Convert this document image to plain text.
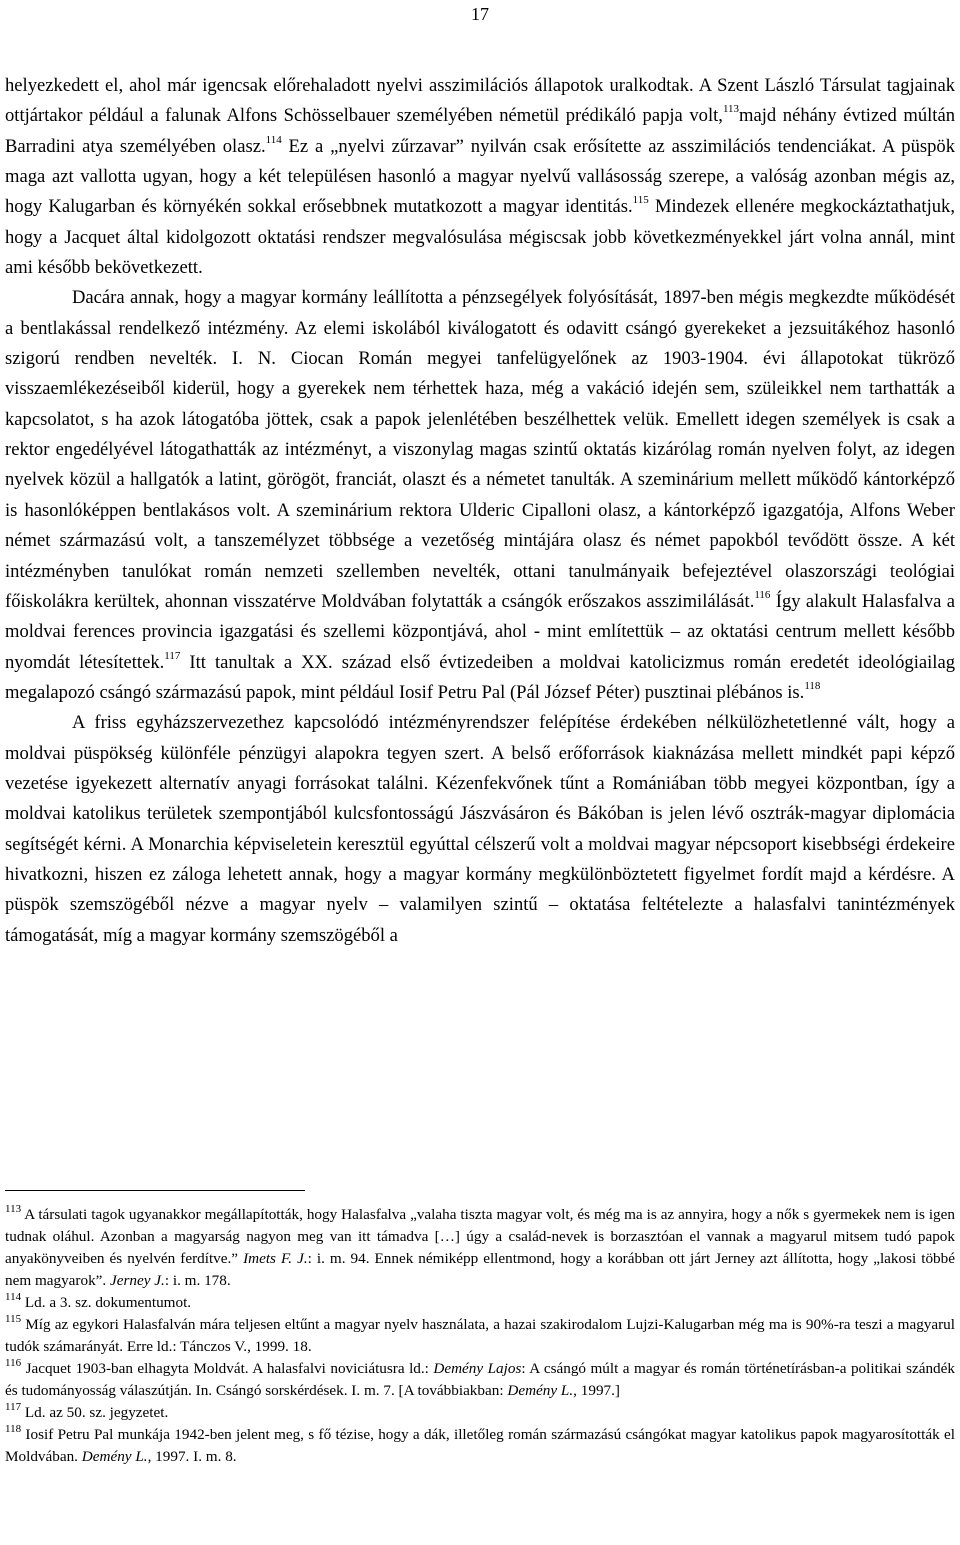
17

helyezkedett el, ahol már igencsak előrehaladott nyelvi asszimilációs állapotok uralkodtak. A Szent László Társulat tagjainak ottjártakor például a falunak Alfons Schösselbauer személyében németül prédikáló papja volt,$^{113}$majd néhány évtized múltán Barradini atya személyében olasz.$^{114}$ Ez a „nyelvi zűrzavar” nyilván csak erősítette az asszimilációs tendenciákat. A püspök maga azt vallotta ugyan, hogy a két településen hasonló a magyar nyelvű vallásosság szerepe, a valóság azonban mégis az, hogy Kalugarban és környékén sokkal erősebbnek mutatkozott a magyar identitás.$^{115}$ Mindezek ellenére megkockáztathatjuk, hogy a Jacquet által kidolgozott oktatási rendszer megvalósulása mégiscsak jobb következményekkel járt volna annál, mint ami később bekövetkezett.

Dacára annak, hogy a magyar kormány leállította a pénzsegélyek folyósítását, 1897-ben mégis megkezdte működését a bentlakással rendelkező intézmény. Az elemi iskolából kiválogatott és odavitt csángó gyerekeket a jezsuitákéhoz hasonló szigorú rendben nevelték. I. N. Ciocan Román megyei tanfelügyelőnek az 1903-1904. évi állapotokat tükröző visszaemlékezéseiből kiderül, hogy a gyerekek nem térhettek haza, még a vakáció idején sem, szüleikkel nem tarthatták a kapcsolatot, s ha azok látogatóba jöttek, csak a papok jelenlétében beszélhettek velük. Emellett idegen személyek is csak a rektor engedélyével látogathatták az intézményt, a viszonylag magas szintű oktatás kizárólag román nyelven folyt, az idegen nyelvek közül a hallgatók a latint, görögöt, franciát, olaszt és a németet tanulták. A szeminárium mellett működő kántorképző is hasonlóképpen bentlakásos volt. A szeminárium rektora Ulderic Cipalloni olasz, a kántorképző igazgatója, Alfons Weber német származású volt, a tanszemélyzet többsége a vezetőség mintájára olasz és német papokból tevődött össze. A két intézményben tanulókat román nemzeti szellemben nevelték, ottani tanulmányaik befejeztével olaszországi teológiai főiskolákra kerültek, ahonnan visszatérve Moldvában folytatták a csángók erőszakos asszimilálását.$^{116}$ Így alakult Halasfalva a moldvai ferences provincia igazgatási és szellemi központjává, ahol - mint említettük – az oktatási centrum mellett később nyomdát létesítettek.$^{117}$ Itt tanultak a XX. század első évtizedeiben a moldvai katolicizmus román eredetét ideológiailag megalapozó csángó származású papok, mint például Iosif Petru Pal (Pál József Péter) pusztinai plébános is.$^{118}$

A friss egyházszervezethez kapcsolódó intézményrendszer felépítése érdekében nélkülözhetetlenné vált, hogy a moldvai püspökség különféle pénzügyi alapokra tegyen szert. A belső erőforrások kiaknázása mellett mindkét papi képző vezetése igyekezett alternatív anyagi forrásokat találni. Kézenfekvőnek tűnt a Romániában több megyei központban, így a moldvai katolikus területek szempontjából kulcsfontosságú Jászvásáron és Bákóban is jelen lévő osztrák-magyar diplomácia segítségét kérni. A Monarchia képviseletein keresztül egyúttal célszerű volt a moldvai magyar népcsoport kisebbségi érdekeire hivatkozni, hiszen ez záloga lehetett annak, hogy a magyar kormány megkülönböztetett figyelmet fordít majd a kérdésre. A püspök szemszögéből nézve a magyar nyelv – valamilyen szintű – oktatása feltételezte a halasfalvi tanintézmények támogatását, míg a magyar kormány szemszögéből a

$^{113}$ A társulati tagok ugyanakkor megállapították, hogy Halasfalva „valaha tiszta magyar volt, és még ma is az annyira, hogy a nők s gyermekek nem is igen tudnak oláhul. Azonban a magyarság nagyon meg van itt támadva […] úgy a család-nevek is borzasztóan el vannak a magyarul mitsem tudó papok anyakönyveiben és nyelvén ferdítve.” Imets F. J.: i. m. 94. Ennek némiképp ellentmond, hogy a korábban ott járt Jerney azt állította, hogy „lakosi többé nem magyarok”. Jerney J.: i. m. 178.

$^{114}$ Ld. a 3. sz. dokumentumot.

$^{115}$ Míg az egykori Halasfalván mára teljesen eltűnt a magyar nyelv használata, a hazai szakirodalom Lujzi-Kalugarban még ma is 90%-ra teszi a magyarul tudók számarányát. Erre ld.: Tánczos V., 1999. 18.

$^{116}$ Jacquet 1903-ban elhagyta Moldvát. A halasfalvi noviciátusra ld.: Demény Lajos: A csángó múlt a magyar és román történetírásban-a politikai szándék és tudományosság válaszútján. In. Csángó sorskérdések. I. m. 7. [A továbbiakban: Demény L., 1997.]

$^{117}$ Ld. az 50. sz. jegyzetet.

$^{118}$ Iosif Petru Pal munkája 1942-ben jelent meg, s fő tézise, hogy a dák, illetőleg román származású csángókat magyar katolikus papok magyarosították el Moldvában. Demény L., 1997. I. m. 8.
